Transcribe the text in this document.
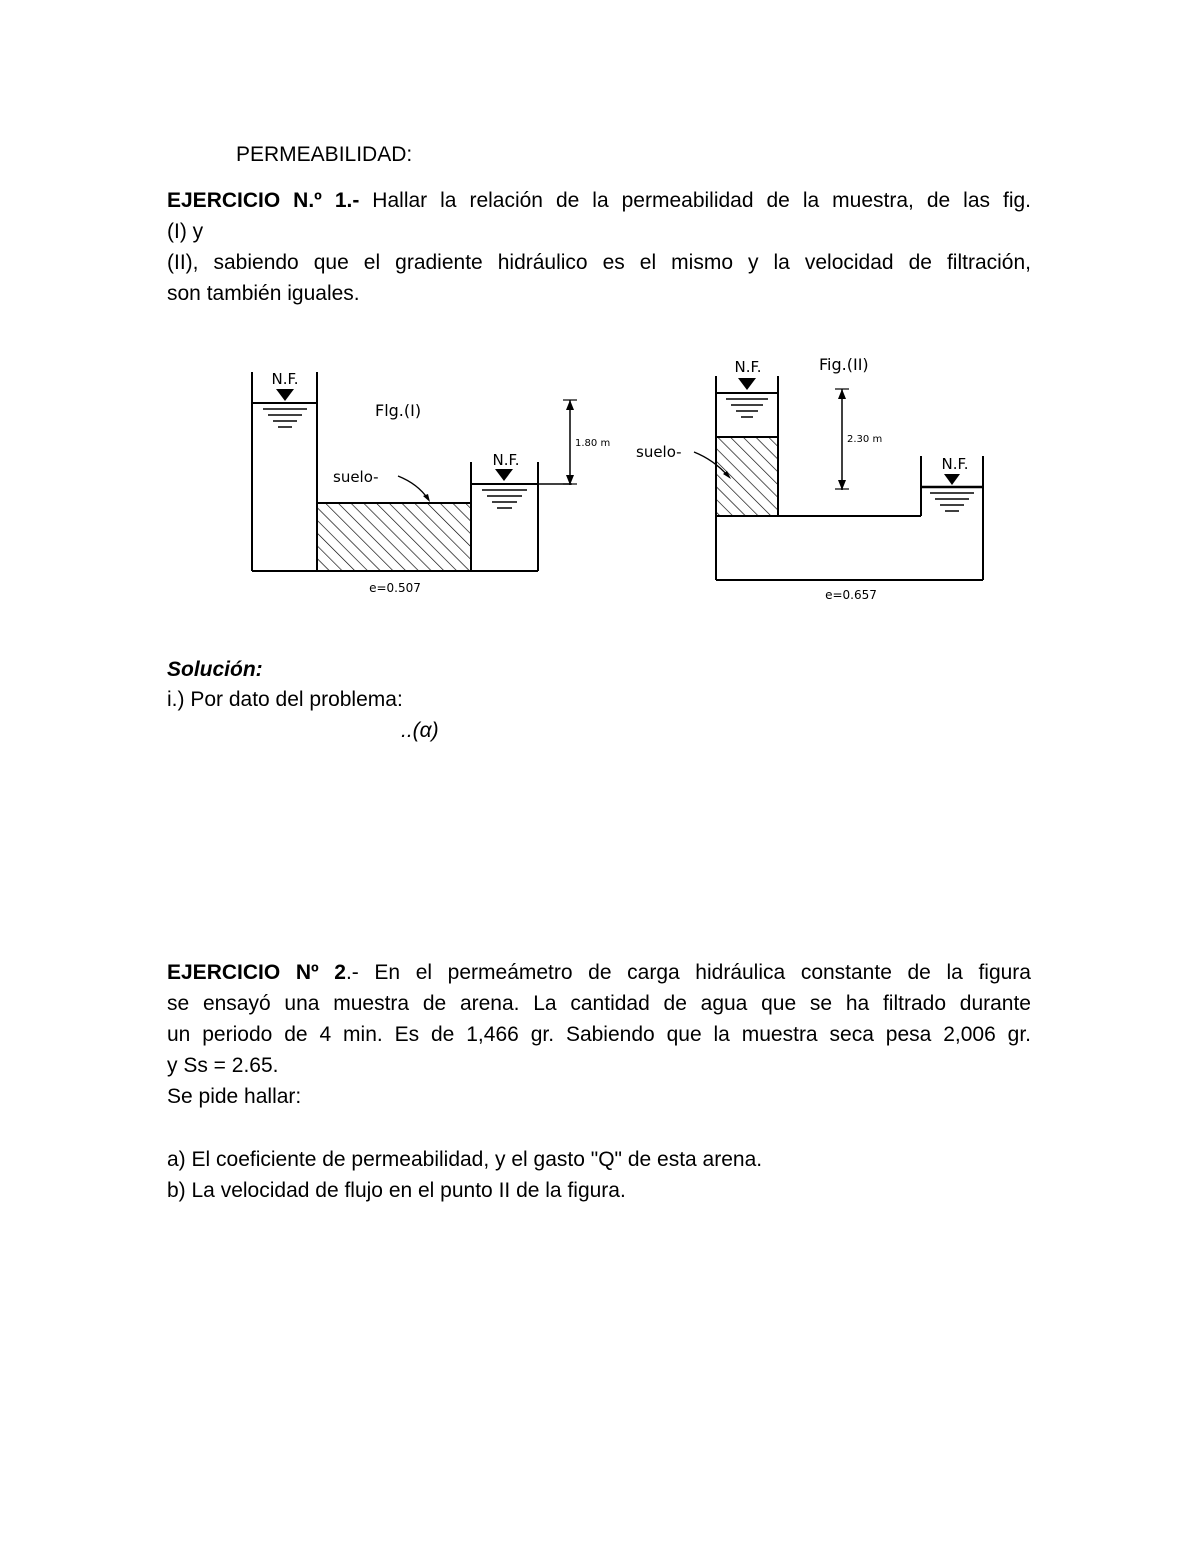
PERMEABILIDAD:
EJERCICIO N.º 1.- Hallar la relación de la permeabilidad de la muestra, de las fig.
(I) y
(II), sabiendo que el gradiente hidráulico es el mismo y la velocidad de filtración,
son también iguales.
N.F.
N.F.
Flg.(I)
suelo-
e=0.507
1.80 m
N.F.
N.F.
Fig.(II)
suelo-
e=0.657
2.30 m
Solución:
i.) Por dato del problema:
..(α)
EJERCICIO Nº 2.- En el permeámetro de carga hidráulica constante de la figura
se ensayó una muestra de arena. La cantidad de agua que se ha filtrado durante
un periodo de 4 min. Es de 1,466 gr. Sabiendo que la muestra seca pesa 2,006 gr.
y Ss = 2.65.
Se pide hallar:
a) El coeficiente de permeabilidad, y el gasto "Q" de esta arena.
b) La velocidad de flujo en el punto II de la figura.
